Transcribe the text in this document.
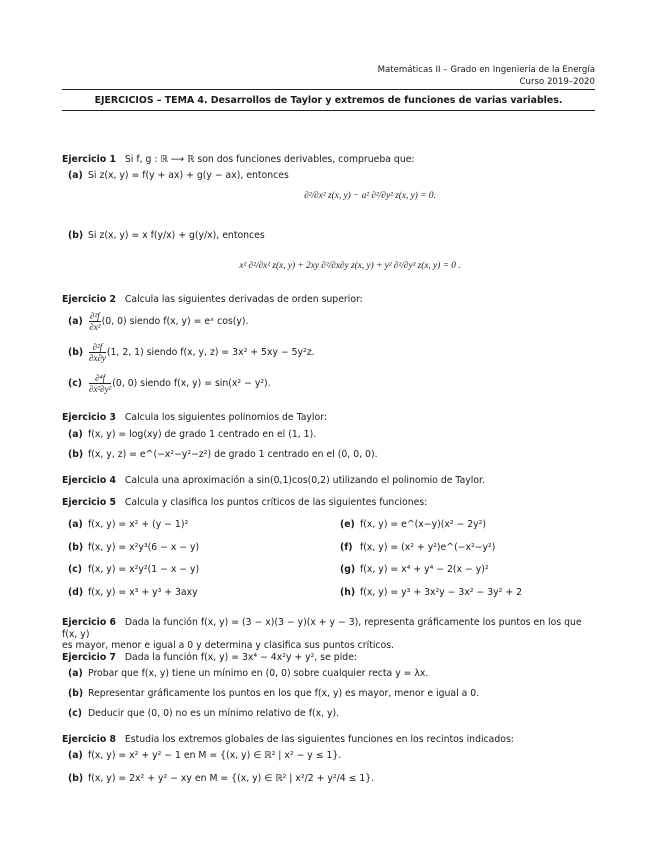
Matemáticas II – Grado en Ingeniería de la Energía
Curso 2019–2020
EJERCICIOS – TEMA 4. Desarrollos de Taylor y extremos de funciones de varias variables.
Ejercicio 1 Si f, g : ℝ ⟶ ℝ son dos funciones derivables, comprueba que:
(a) Si z(x, y) = f(y + ax) + g(y − ax), entonces
∂²/∂x² z(x, y) − a² ∂²/∂y² z(x, y) = 0.
(b) Si z(x, y) = x f(y/x) + g(y/x), entonces
x² ∂²/∂x² z(x, y) + 2xy ∂²/∂x∂y z(x, y) + y² ∂²/∂y² z(x, y) = 0 .
Ejercicio 2 Calcula las siguientes derivadas de orden superior:
$(a) \frac{\text{∂²f}}{\text{∂x²}} (0$, 0) siendo f(x, y) = eˣ cos(y).
$(b) \frac{\text{∂²f}}{\partial x\partial y} (1$, 2, 1) siendo f(x, y, z) = 3x² + 5xy − 5y²z.
$(c) \frac{\text{∂⁴f}}{\text{∂x²∂y²}} (0$, 0) siendo f(x, y) = sin(x² − y²).
Ejercicio 3 Calcula los siguientes polinomios de Taylor:
(a) f(x, y) = log(xy) de grado 1 centrado en el (1, 1).
(b) f(x, y, z) = e^(−x²−y²−z²) de grado 1 centrado en el (0, 0, 0).
Ejercicio 4 Calcula una aproximación a sin(0,1)cos(0,2) utilizando el polinomio de Taylor.
Ejercicio 5 Calcula y clasifica los puntos críticos de las siguientes funciones:
(a) f(x, y) = x² + (y − 1)²
(b) f(x, y) = x²y³(6 − x − y)
(c) f(x, y) = x²y²(1 − x − y)
(d) f(x, y) = x³ + y³ + 3axy
(e) f(x, y) = e^(x−y)(x² − 2y²)
(f) f(x, y) = (x² + y²)e^(−x²−y²)
(g) f(x, y) = x⁴ + y⁴ − 2(x − y)²
(h) f(x, y) = y³ + 3x²y − 3x² − 3y² + 2
Ejercicio 6 Dada la función f(x, y) = (3 − x)(3 − y)(x + y − 3), representa gráficamente los puntos en los que f(x, y)
es mayor, menor e igual a 0 y determina y clasifica sus puntos críticos.
Ejercicio 7 Dada la función f(x, y) = 3x⁴ − 4x²y + y², se pide:
(a) Probar que f(x, y) tiene un mínimo en (0, 0) sobre cualquier recta y = λx.
(b) Representar gráficamente los puntos en los que f(x, y) es mayor, menor e igual a 0.
(c) Deducir que (0, 0) no es un mínimo relativo de f(x, y).
Ejercicio 8 Estudia los extremos globales de las siguientes funciones en los recintos indicados:
(a) f(x, y) = x² + y² − 1 en M = {(x, y) ∈ ℝ² | x² − y ≤ 1}.
(b) f(x, y) = 2x² + y² − xy en M = {(x, y) ∈ ℝ² | x²/2 + y²/4 ≤ 1}.
